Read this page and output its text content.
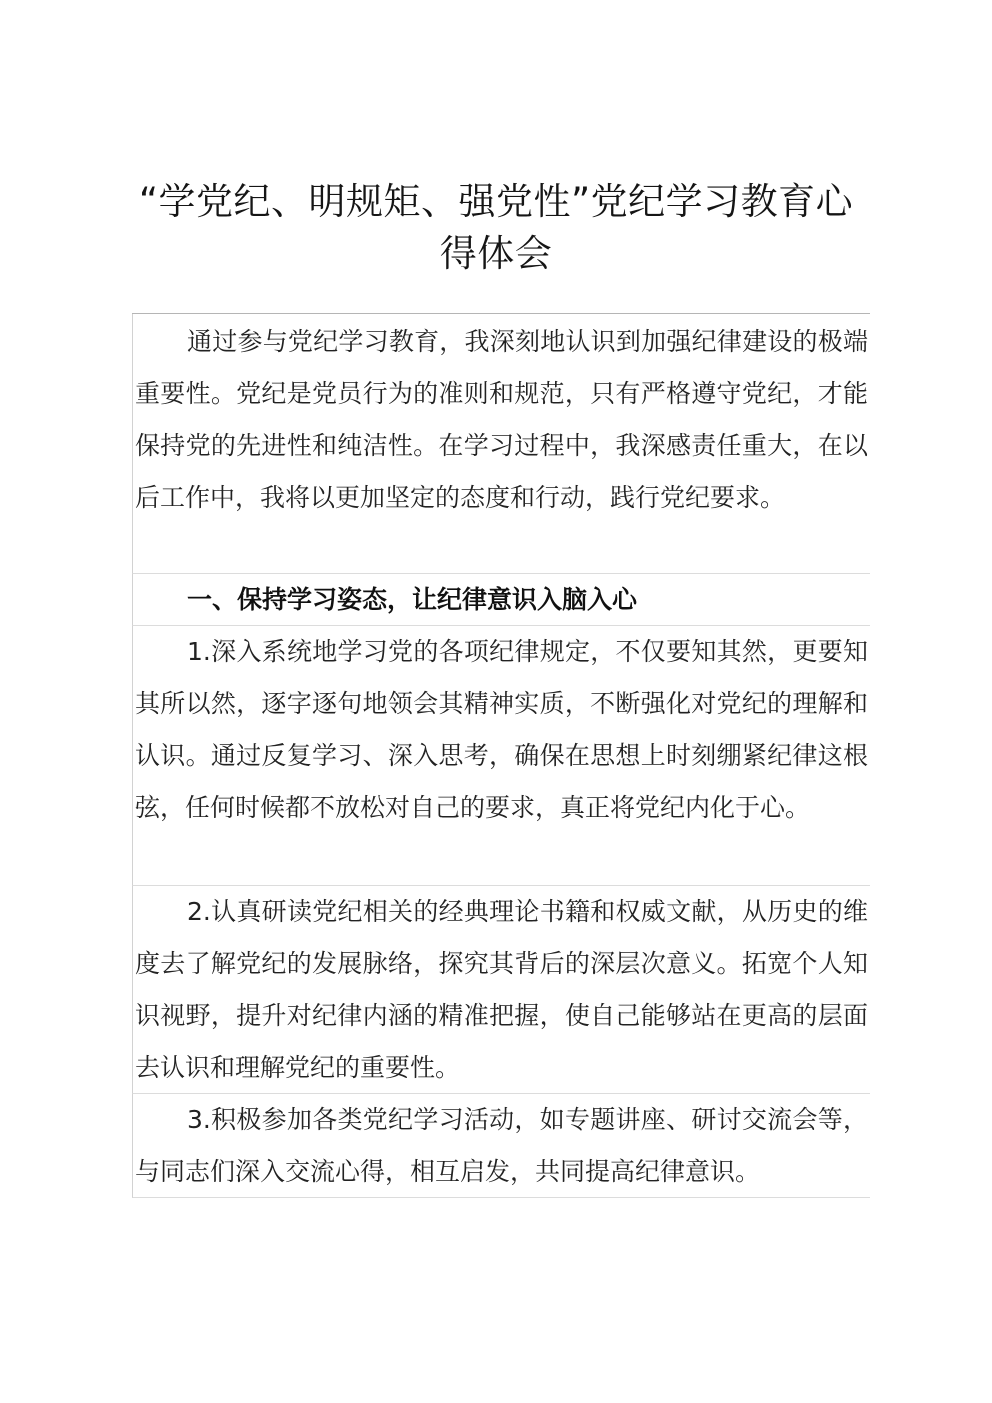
“学党纪、明规矩、强党性”党纪学习教育心
得体会
通过参与党纪学习教育，我深刻地认识到加强纪律建设的极端重要性。党纪是党员行为的准则和规范，只有严格遵守党纪，才能保持党的先进性和纯洁性。在学习过程中，我深感责任重大，在以后工作中，我将以更加坚定的态度和行动，践行党纪要求。
一、保持学习姿态，让纪律意识入脑入心
1.深入系统地学习党的各项纪律规定，不仅要知其然，更要知其所以然，逐字逐句地领会其精神实质，不断强化对党纪的理解和认识。通过反复学习、深入思考，确保在思想上时刻绷紧纪律这根弦，任何时候都不放松对自己的要求，真正将党纪内化于心。
2.认真研读党纪相关的经典理论书籍和权威文献，从历史的维度去了解党纪的发展脉络，探究其背后的深层次意义。拓宽个人知识视野，提升对纪律内涵的精准把握，使自己能够站在更高的层面去认识和理解党纪的重要性。
3.积极参加各类党纪学习活动，如专题讲座、研讨交流会等，与同志们深入交流心得，相互启发，共同提高纪律意识。
